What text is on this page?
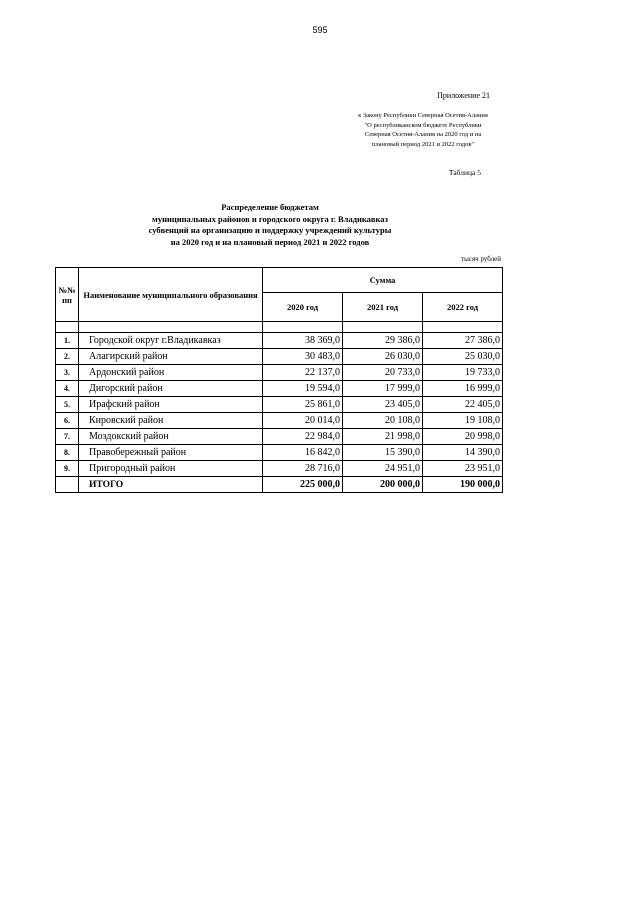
595
Приложение 21
к Закону Республики Северная Осетия-Алания
"О республиканском бюджете Республики
Северная Осетия-Алания на 2020 год и на
плановый период 2021 и 2022 годов"
Таблица 5
Распределение бюджетам
муниципальных районов и городского округа г. Владикавказ
субвенций на организацию и поддержку учреждений культуры
на 2020 год и на плановый период 2021 и 2022 годов
тысяч рублей
№№ пп	Наименование муниципального образования	Сумма		
		2020 год	2021 год	2022 год

1.	Городской округ г.Владикавказ	38 369,0	29 386,0	27 386,0
2.	Алагирский район	30 483,0	26 030,0	25 030,0
3.	Ардонский район	22 137,0	20 733,0	19 733,0
4.	Дигорский район	19 594,0	17 999,0	16 999,0
5.	Ирафский район	25 861,0	23 405,0	22 405,0
6.	Кировский район	20 014,0	20 108,0	19 108,0
7.	Моздокский район	22 984,0	21 998,0	20 998,0
8.	Правобережный район	16 842,0	15 390,0	14 390,0
9.	Пригородный район	28 716,0	24 951,0	23 951,0
	ИТОГО	225 000,0	200 000,0	190 000,0
